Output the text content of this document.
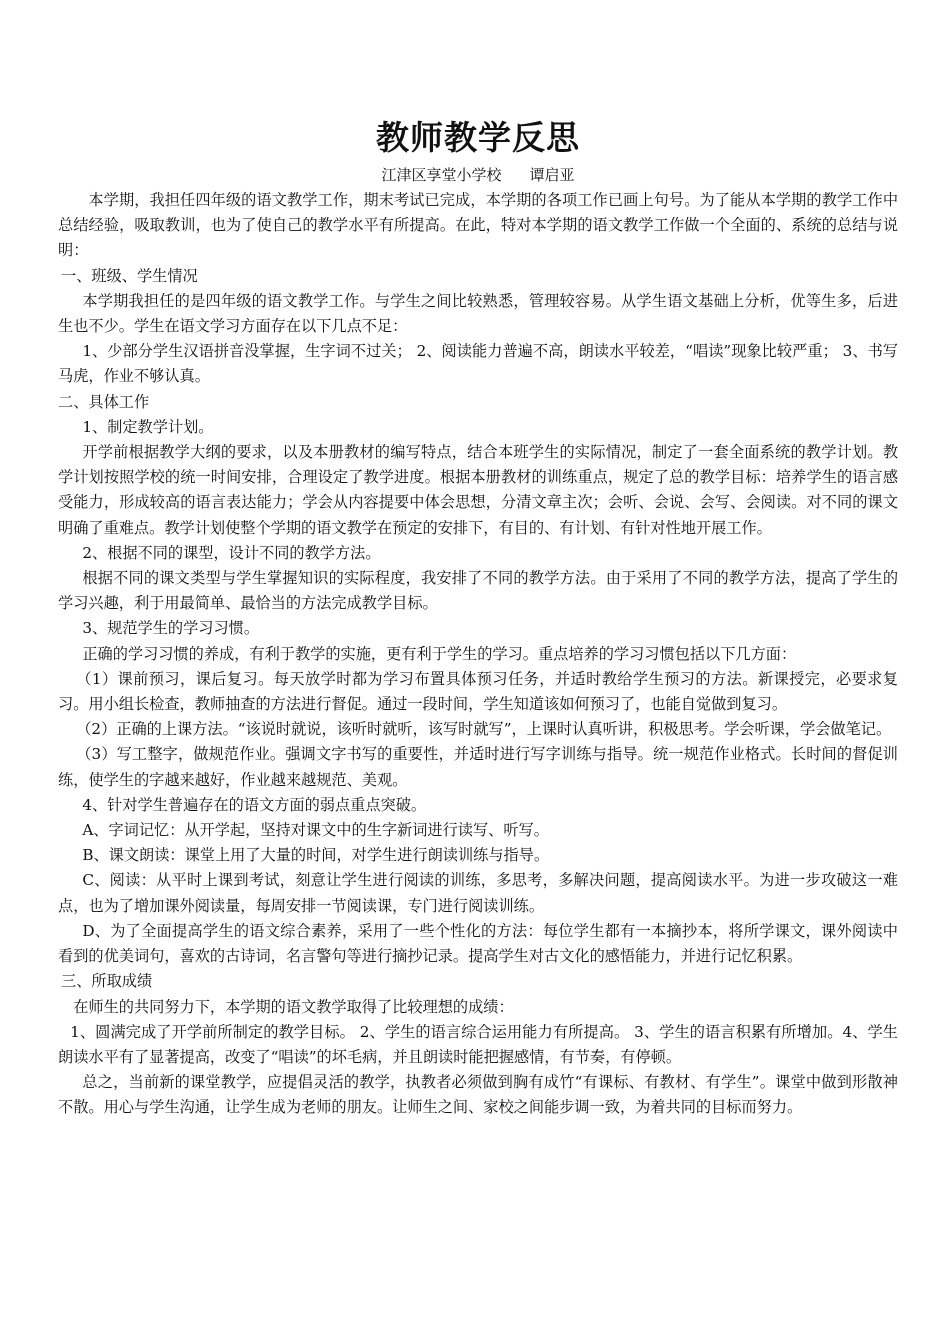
教师教学反思
江津区享堂小学校 谭启亚

本学期，我担任四年级的语文教学工作，期末考试已完成，本学期的各项工作已画上句号。为了能从本学期的教学工作中总结经验，吸取教训，也为了使自己的教学水平有所提高。在此，特对本学期的语文教学工作做一个全面的、系统的总结与说明：

一、班级、学生情况

本学期我担任的是四年级的语文教学工作。与学生之间比较熟悉，管理较容易。从学生语文基础上分析，优等生多，后进生也不少。学生在语文学习方面存在以下几点不足：

1、少部分学生汉语拼音没掌握，生字词不过关； 2、阅读能力普遍不高，朗读水平较差，“唱读”现象比较严重； 3、书写马虎，作业不够认真。

二、具体工作

1、制定教学计划。

开学前根据教学大纲的要求，以及本册教材的编写特点，结合本班学生的实际情况，制定了一套全面系统的教学计划。教学计划按照学校的统一时间安排，合理设定了教学进度。根据本册教材的训练重点，规定了总的教学目标：培养学生的语言感受能力，形成较高的语言表达能力；学会从内容提要中体会思想，分清文章主次；会听、会说、会写、会阅读。对不同的课文明确了重难点。教学计划使整个学期的语文教学在预定的安排下，有目的、有计划、有针对性地开展工作。

2、根据不同的课型，设计不同的教学方法。

根据不同的课文类型与学生掌握知识的实际程度，我安排了不同的教学方法。由于采用了不同的教学方法，提高了学生的学习兴趣，利于用最简单、最恰当的方法完成教学目标。

3、规范学生的学习习惯。

正确的学习习惯的养成，有利于教学的实施，更有利于学生的学习。重点培养的学习习惯包括以下几方面：

（1）课前预习，课后复习。每天放学时都为学习布置具体预习任务，并适时教给学生预习的方法。新课授完，必要求复习。用小组长检查，教师抽查的方法进行督促。通过一段时间，学生知道该如何预习了，也能自觉做到复习。

（2）正确的上课方法。“该说时就说，该听时就听，该写时就写”，上课时认真听讲，积极思考。学会听课，学会做笔记。

（3）写工整字，做规范作业。强调文字书写的重要性，并适时进行写字训练与指导。统一规范作业格式。长时间的督促训练，使学生的字越来越好，作业越来越规范、美观。

4、针对学生普遍存在的语文方面的弱点重点突破。

A、字词记忆：从开学起，坚持对课文中的生字新词进行读写、听写。

B、课文朗读：课堂上用了大量的时间，对学生进行朗读训练与指导。

C、阅读：从平时上课到考试，刻意让学生进行阅读的训练，多思考，多解决问题，提高阅读水平。为进一步攻破这一难点，也为了增加课外阅读量，每周安排一节阅读课，专门进行阅读训练。

D、为了全面提高学生的语文综合素养，采用了一些个性化的方法：每位学生都有一本摘抄本，将所学课文，课外阅读中看到的优美词句，喜欢的古诗词，名言警句等进行摘抄记录。提高学生对古文化的感悟能力，并进行记忆积累。

三、所取成绩

在师生的共同努力下，本学期的语文教学取得了比较理想的成绩：

1、圆满完成了开学前所制定的教学目标。 2、学生的语言综合运用能力有所提高。 3、学生的语言积累有所增加。4、学生朗读水平有了显著提高，改变了“唱读”的坏毛病，并且朗读时能把握感情，有节奏，有停顿。

总之，当前新的课堂教学，应提倡灵活的教学，执教者必须做到胸有成竹“有课标、有教材、有学生”。课堂中做到形散神不散。用心与学生沟通，让学生成为老师的朋友。让师生之间、家校之间能步调一致，为着共同的目标而努力。
